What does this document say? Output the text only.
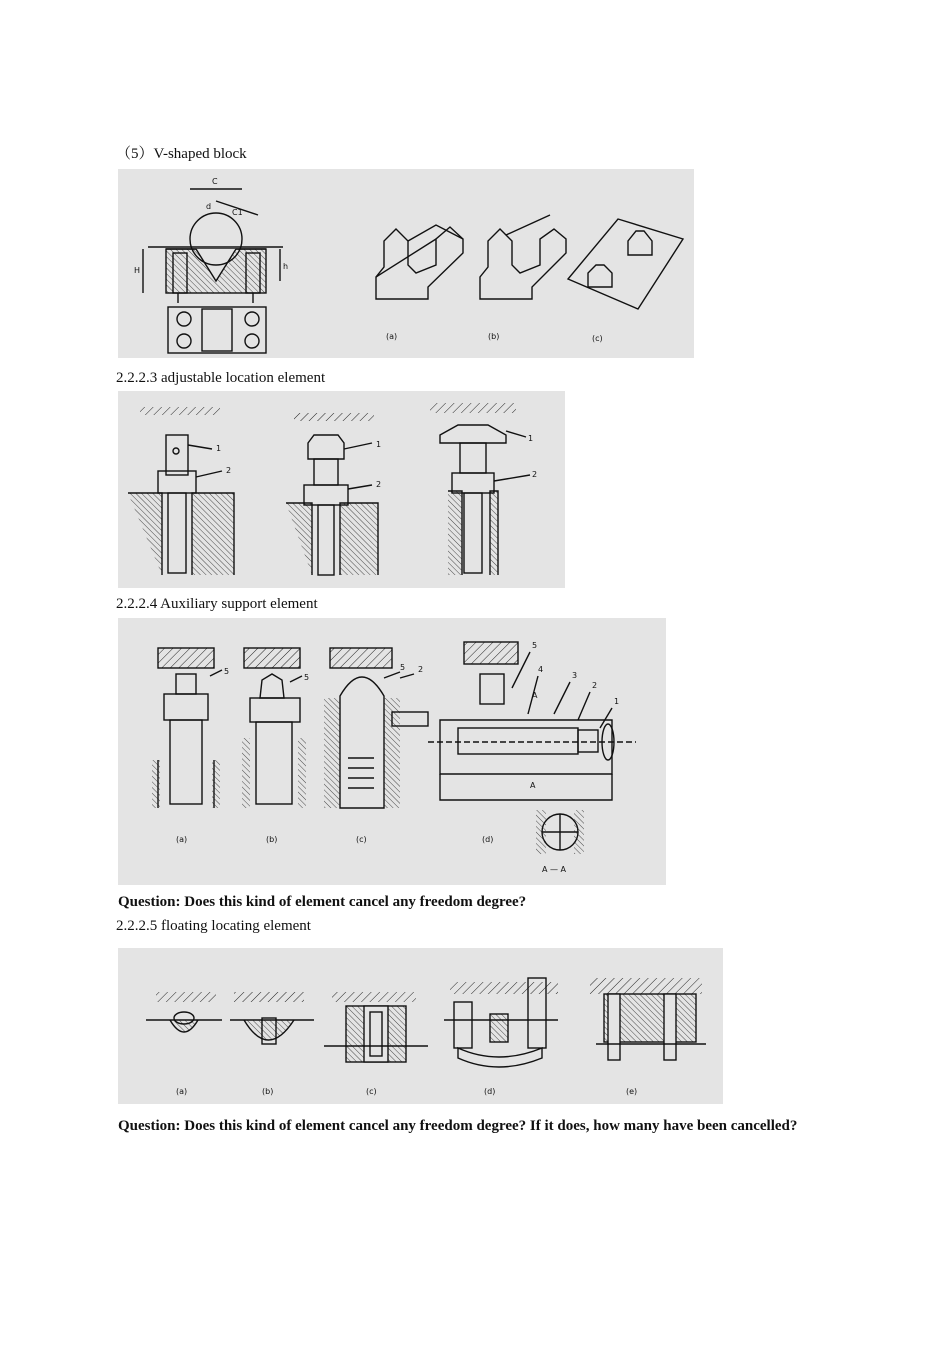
（5）V-shaped block
C
C1
d
H	h
(a)	(b)	(c)
2.2.2.3 adjustable location element
1
2
1
2
1
2
2.2.2.4 Auxiliary support element
5
5
5 2
5
4
3
2
1
A
A
(a)	(b)	(c)	(d)
A — A
Question: Does this kind of element cancel any freedom degree?
2.2.2.5 floating locating element
(a)	(b)	(c)	(d)	(e)
Question: Does this kind of element cancel any freedom degree? If it does, how many have been cancelled?
